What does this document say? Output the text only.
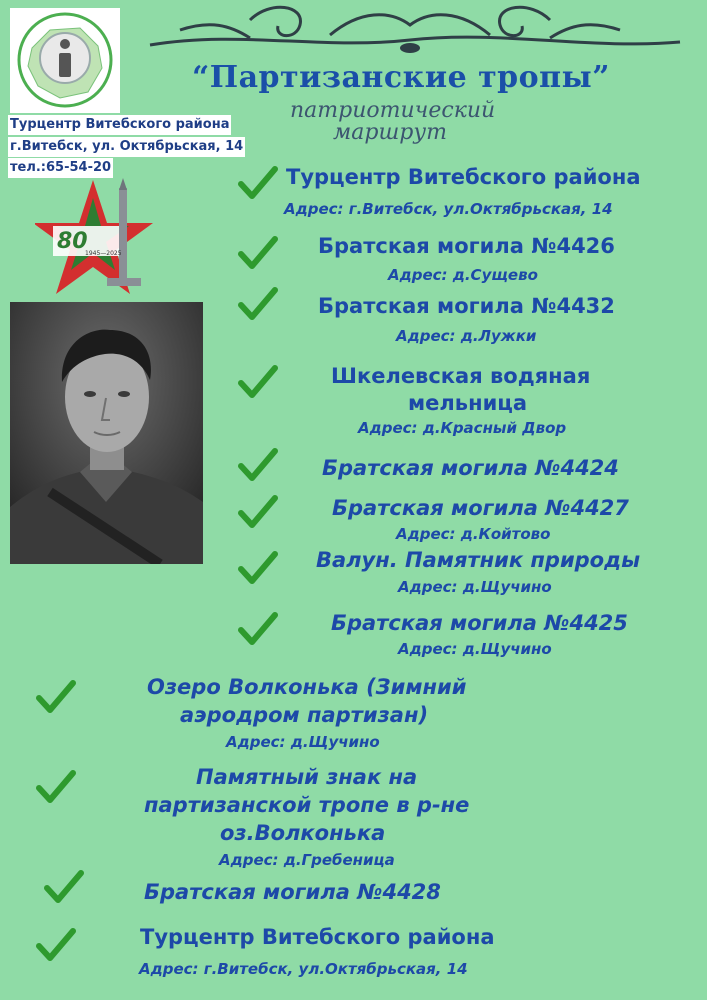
Турцентр Витебского района
г.Витебск, ул. Октябрьская, 14
тел.:65-54-20
“Партизанские тропы”
патриотический
маршрут
80
1945—2025
Турцентр Витебского района
Адрес: г.Витебск, ул.Октябрьская, 14
Братская могила №4426
Адрес: д.Сущево
Братская могила №4432
Адрес: д.Лужки
Шкелевская водяная
мельница
Адрес: д.Красный Двор
Братская могила №4424
Братская могила №4427
Адрес: д.Койтово
Валун. Памятник природы
Адрес: д.Щучино
Братская могила №4425
Адрес: д.Щучино
Озеро Волконька (Зимний
аэродром партизан)
Адрес: д.Щучино
Памятный знак на
партизанской тропе в р-не
оз.Волконька
Адрес: д.Гребеница
Братская могила №4428
Турцентр Витебского района
Адрес: г.Витебск, ул.Октябрьская, 14
